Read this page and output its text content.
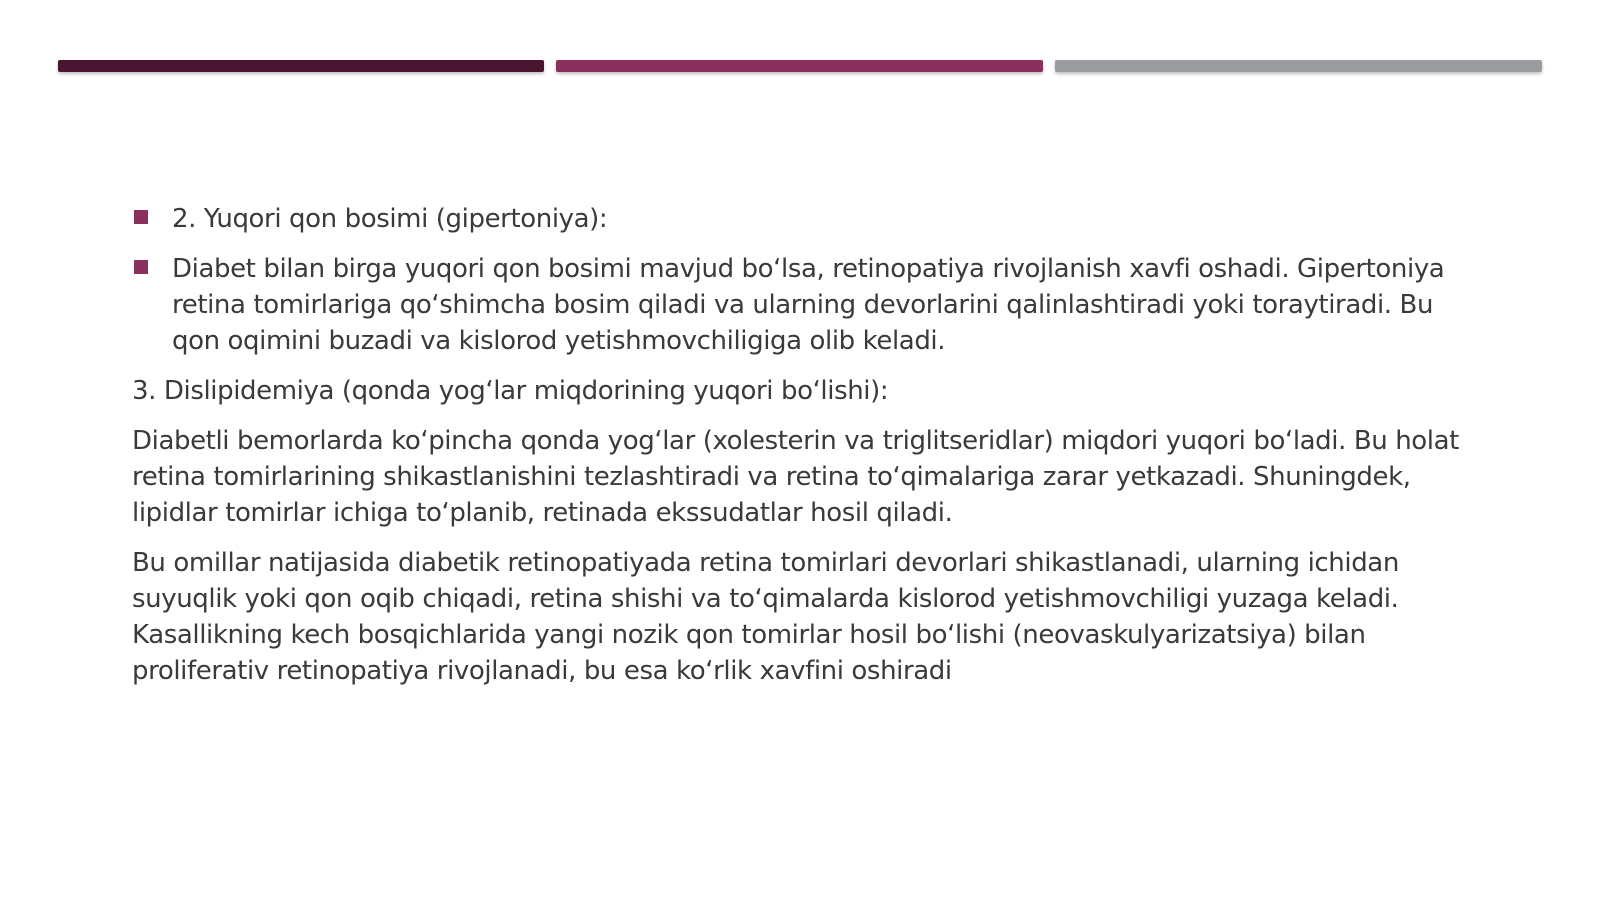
2. Yuqori qon bosimi (gipertoniya):
Diabet bilan birga yuqori qon bosimi mavjud bo‘lsa, retinopatiya rivojlanish xavfi oshadi. Gipertoniya retina tomirlariga qo‘shimcha bosim qiladi va ularning devorlarini qalinlashtiradi yoki toraytiradi. Bu qon oqimini buzadi va kislorod yetishmovchiligiga olib keladi.

3. Dislipidemiya (qonda yog‘lar miqdorining yuqori bo‘lishi):

Diabetli bemorlarda ko‘pincha qonda yog‘lar (xolesterin va triglitseridlar) miqdori yuqori bo‘ladi. Bu holat retina tomirlarining shikastlanishini tezlashtiradi va retina to‘qimalariga zarar yetkazadi. Shuningdek, lipidlar tomirlar ichiga to‘planib, retinada ekssudatlar hosil qiladi.

Bu omillar natijasida diabetik retinopatiyada retina tomirlari devorlari shikastlanadi, ularning ichidan suyuqlik yoki qon oqib chiqadi, retina shishi va to‘qimalarda kislorod yetishmovchiligi yuzaga keladi. Kasallikning kech bosqichlarida yangi nozik qon tomirlar hosil bo‘lishi (neovaskulyarizatsiya) bilan proliferativ retinopatiya rivojlanadi, bu esa ko‘rlik xavfini oshiradi
